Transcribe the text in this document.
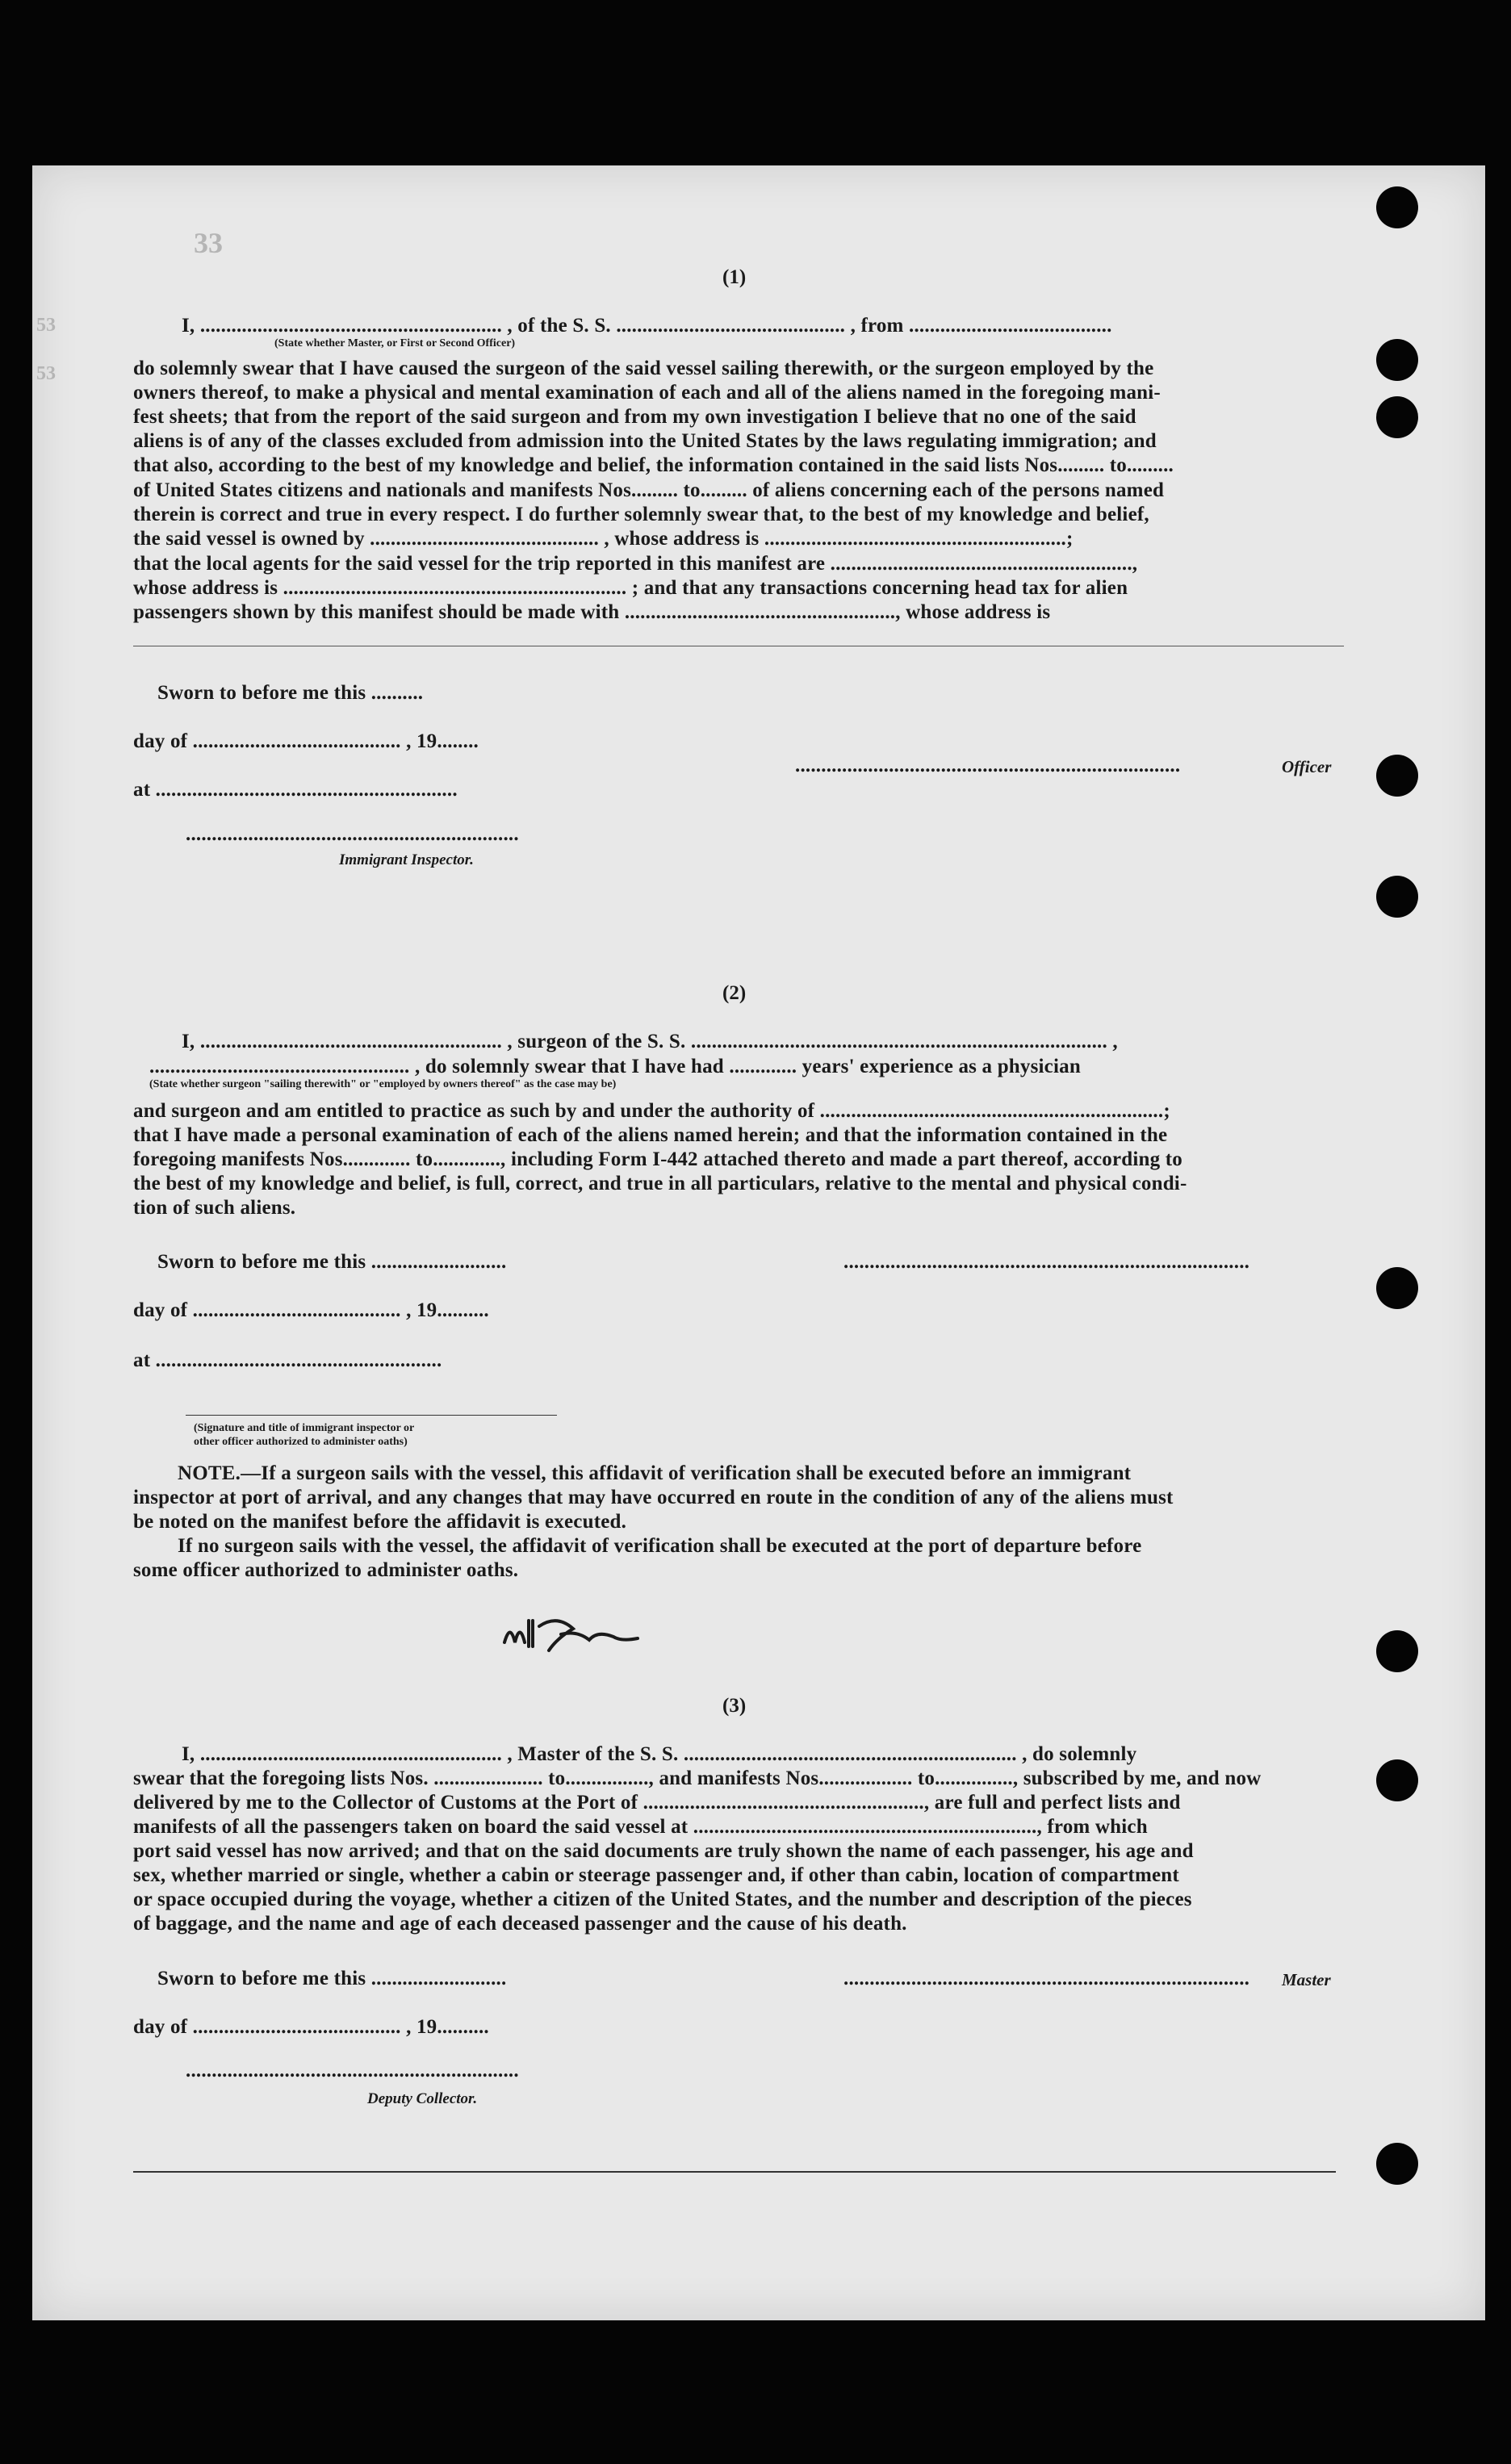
33
53
53
(1)
I, .......................................................... , of the S. S. ............................................ , from .......................................
(State whether Master, or First or Second Officer)
do solemnly swear that I have caused the surgeon of the said vessel sailing therewith, or the surgeon employed by the
owners thereof, to make a physical and mental examination of each and all of the aliens named in the foregoing mani-
fest sheets; that from the report of the said surgeon and from my own investigation I believe that no one of the said
aliens is of any of the classes excluded from admission into the United States by the laws regulating immigration; and
that also, according to the best of my knowledge and belief, the information contained in the said lists Nos......... to.........
of United States citizens and nationals and manifests Nos......... to......... of aliens concerning each of the persons named
therein is correct and true in every respect. I do further solemnly swear that, to the best of my knowledge and belief,
the said vessel is owned by ............................................ , whose address is ..........................................................;
that the local agents for the said vessel for the trip reported in this manifest are ..........................................................,
whose address is .................................................................. ; and that any transactions concerning head tax for alien
passengers shown by this manifest should be made with ...................................................., whose address is
Sworn to before me this ..........
day of ........................................ , 19........
at ..........................................................
..........................................................................	Officer
................................................................
Immigrant Inspector.
(2)
I, .......................................................... , surgeon of the S. S. ................................................................................ ,
.................................................. , do solemnly swear that I have had ............. years' experience as a physician
(State whether surgeon "sailing therewith" or "employed by owners thereof" as the case may be)
and surgeon and am entitled to practice as such by and under the authority of ..................................................................;
that I have made a personal examination of each of the aliens named herein; and that the information contained in the
foregoing manifests Nos............. to............., including Form I-442 attached thereto and made a part thereof, according to
the best of my knowledge and belief, is full, correct, and true in all particulars, relative to the mental and physical condi-
tion of such aliens.
Sworn to before me this ..........................	..............................................................................
day of ........................................ , 19..........
at .......................................................
(Signature and title of immigrant inspector or
other officer authorized to administer oaths)
NOTE.—If a surgeon sails with the vessel, this affidavit of verification shall be executed before an immigrant
inspector at port of arrival, and any changes that may have occurred en route in the condition of any of the aliens must
be noted on the manifest before the affidavit is executed.
If no surgeon sails with the vessel, the affidavit of verification shall be executed at the port of departure before
some officer authorized to administer oaths.
(3)
I, .......................................................... , Master of the S. S. ................................................................ , do solemnly
swear that the foregoing lists Nos. ..................... to................, and manifests Nos.................. to..............., subscribed by me, and now
delivered by me to the Collector of Customs at the Port of ......................................................, are full and perfect lists and
manifests of all the passengers taken on board the said vessel at .................................................................., from which
port said vessel has now arrived; and that on the said documents are truly shown the name of each passenger, his age and
sex, whether married or single, whether a cabin or steerage passenger and, if other than cabin, location of compartment
or space occupied during the voyage, whether a citizen of the United States, and the number and description of the pieces
of baggage, and the name and age of each deceased passenger and the cause of his death.
Sworn to before me this ..........................	.............................................................................. Master
day of ........................................ , 19..........
................................................................
Deputy Collector.
